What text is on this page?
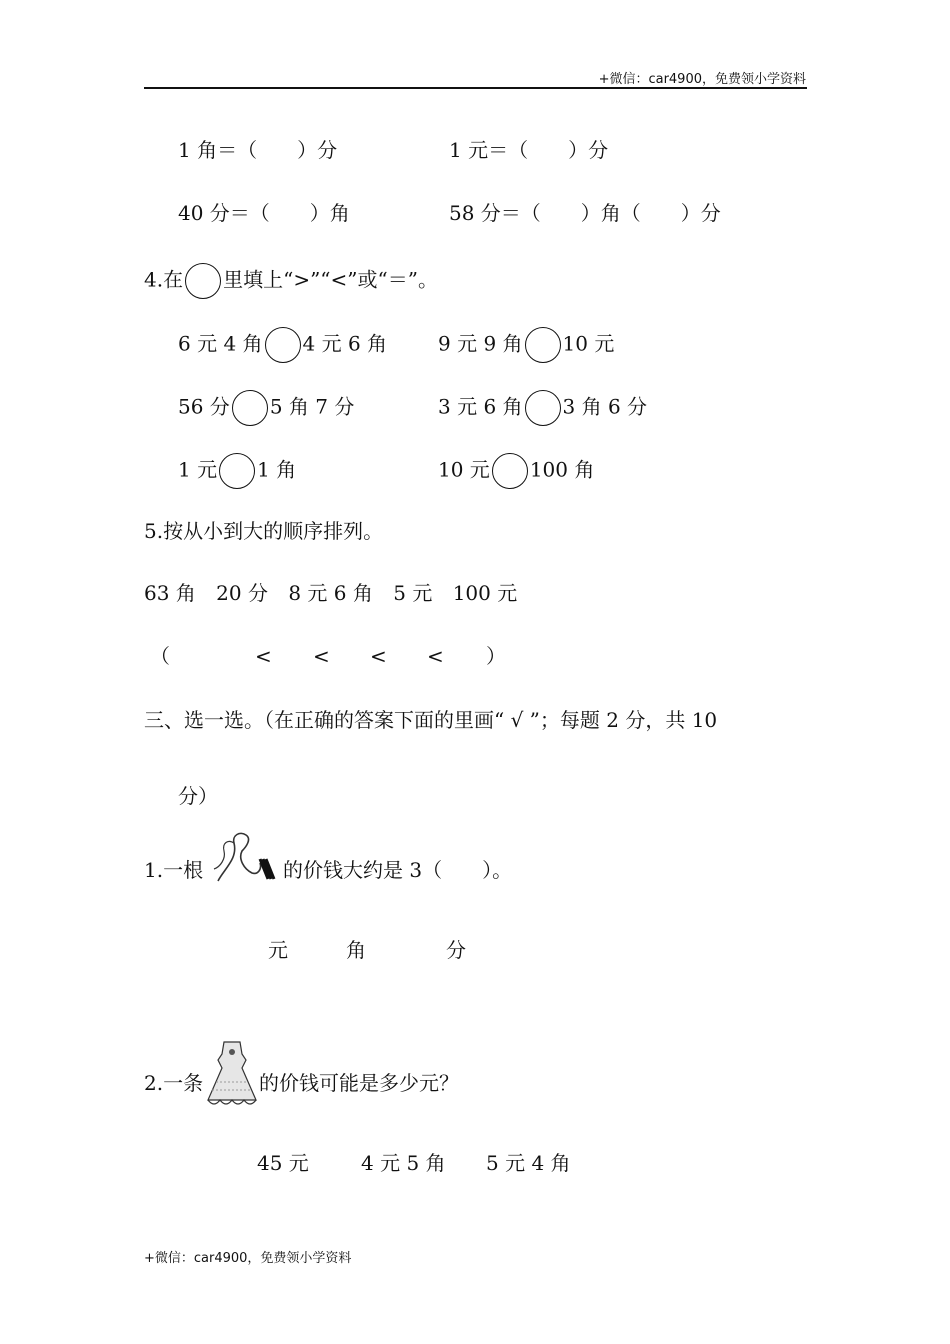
+微信：car4900，免费领小学资料
1 角＝（　　）分	1 元＝（　　）分
40 分＝（　　）角	58 分＝（　　）角（　　）分
4.在 里填上“>”“<”或“＝”。
6 元 4 角 4 元 6 角	9 元 9 角 10 元
56 分 5 角 7 分	3 元 6 角 3 角 6 分
1 元 1 角	10 元 100 角
5.按从小到大的顺序排列。
63 角 20 分 8 元 6 角 5 元 100 元
（	< < < < ）
三、选一选。（在正确的答案下面的里画“ √ ”；每题 2 分，共 10
分）
1.一根	的价钱大约是 3（　　）。
元	角	分
2.一条	的价钱可能是多少元？
45 元	4 元 5 角 5 元 4 角
+微信：car4900，免费领小学资料
